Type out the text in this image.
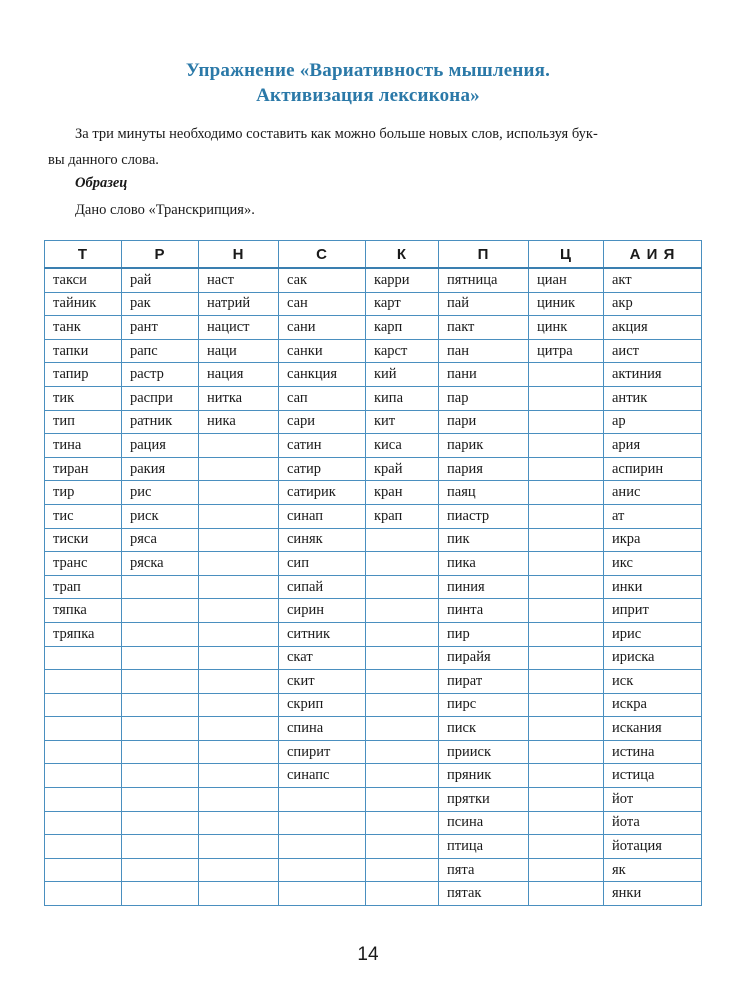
Упражнение «Вариативность мышления.
Активизация лексикона»

За три минуты необходимо составить как можно больше новых слов, используя бук-

вы данного слова.

Образец
Дано слово «Транскрипция».
Т	Р	Н	С	К	П	Ц	А И Я
такси	рай	наст	сак	карри	пятница	циан	акт
тайник	рак	натрий	сан	карт	пай	циник	акр
танк	рант	нацист	сани	карп	пакт	цинк	акция
тапки	рапс	наци	санки	карст	пан	цитра	аист
тапир	растр	нация	санкция	кий	пани		актиния
тик	распри	нитка	сап	кипа	пар		антик
тип	ратник	ника	сари	кит	пари		ар
тина	рация		сатин	киса	парик		ария
тиран	ракия		сатир	край	пария		аспирин
тир	рис		сатирик	кран	паяц		анис
тис	риск		синап	крап	пиастр		ат
тиски	ряса		синяк		пик		икра
транс	ряска		сип		пика		икс
трап			сипай		пиния		инки
тяпка			сирин		пинта		иприт
тряпка			ситник		пир		ирис
			скат		пирайя		ириска
			скит		пират		иск
			скрип		пирс		искра
			спина		писк		искания
			спирит		прииск		истина
			синапс		пряник		истица
					прятки		йот
					псина		йота
					птица		йотация
					пята		як
					пятак		янки
14
